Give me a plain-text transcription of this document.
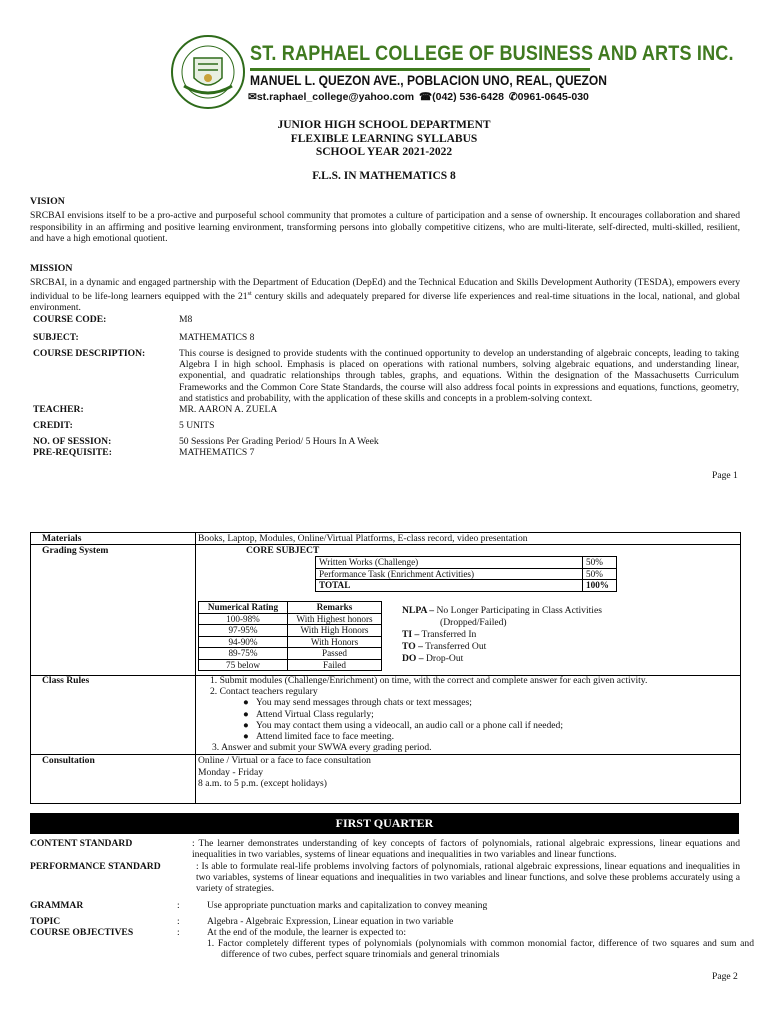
ST. RAPHAEL COLLEGE OF BUSINESS AND ARTS INC.
MANUEL L. QUEZON AVE., POBLACION UNO, REAL, QUEZON
✉st.raphael_college@yahoo.com ☎(042) 536-6428 ✆0961-0645-030
JUNIOR HIGH SCHOOL DEPARTMENT
FLEXIBLE LEARNING SYLLABUS
SCHOOL YEAR 2021-2022
F.L.S. IN MATHEMATICS 8
VISION
SRCBAI envisions itself to be a pro-active and purposeful school community that promotes a culture of participation and a sense of ownership. It encourages collaboration and shared responsibility in an affirming and positive learning environment, transforming persons into globally competitive citizens, who are multi-literate, self-directed, multi-skilled, resilient, and have a high emotional quotient.
MISSION
SRCBAI, in a dynamic and engaged partnership with the Department of Education (DepEd) and the Technical Education and Skills Development Authority (TESDA), empowers every individual to be life-long learners equipped with the 21st century skills and adequately prepared for diverse life experiences and real-time situations in the local, national, and global environment.
COURSE CODE:	M8
SUBJECT:	MATHEMATICS 8
COURSE DESCRIPTION:	This course is designed to provide students with the continued opportunity to develop an understanding of algebraic concepts, leading to taking Algebra I in high school. Emphasis is placed on operations with rational numbers, solving algebraic equations, and understanding linear, exponential, and quadratic relationships through tables, graphs, and equations. Within the designation of the Massachusetts Curriculum Frameworks and the Common Core State Standards, the course will also address focal points in expressions and equations, functions, geometry, and statistics and probability, with the application of these skills and concepts in a problem-solving context.
TEACHER:	MR. AARON A. ZUELA
CREDIT:	5 UNITS
NO. OF SESSION:	50 Sessions Per Grading Period/ 5 Hours In A Week
PRE-REQUISITE:	MATHEMATICS 7
Page 1
Materials	Books, Laptop, Modules, Online/Virtual Platforms, E-class record, video presentation
Grading System	CORE SUBJECT
Written Works (Challenge)	50%
Performance Task (Enrichment Activities)	50%
TOTAL	100%
Numerical Rating	Remarks
100-98%	With Highest honors
97-95%	With High Honors
94-90%	With Honors
89-75%	Passed
75 below	Failed
NLPA – No Longer Participating in Class Activities
(Dropped/Failed)
TI – Transferred In
TO – Transferred Out
DO – Drop-Out
Class Rules	1. Submit modules (Challenge/Enrichment) on time, with the correct and complete answer for each given activity.
2. Contact teachers regulary
●   You may send messages through chats or text messages;
●   Attend Virtual Class regularly;
●   You may contact them using a videocall, an audio call or a phone call if needed;
●   Attend limited face to face meeting.
3. Answer and submit your SWWA every grading period.
Consultation	Online / Virtual or a face to face consultation
Monday - Friday
8 a.m. to 5 p.m. (except holidays)
FIRST QUARTER
CONTENT STANDARD	: The learner demonstrates understanding of key concepts of factors of polynomials, rational algebraic expressions, linear equations and inequalities in two variables, systems of linear equations and inequalities in two variables and linear functions.
PERFORMANCE STANDARD	: Is able to formulate real-life problems involving factors of polynomials, rational algebraic expressions, linear equations and inequalities in two variables, systems of linear equations and inequalities in two variables and linear functions, and solve these problems accurately using a variety of strategies.
GRAMMAR	:	Use appropriate punctuation marks and capitalization to convey meaning
TOPIC	:	Algebra - Algebraic Expression, Linear equation in two variable
COURSE OBJECTIVES	:	At the end of the module, the learner is expected to:
1. Factor completely different types of polynomials (polynomials with common monomial factor, difference of two squares and sum and difference of two cubes, perfect square trinomials and general trinomials
Page 2
